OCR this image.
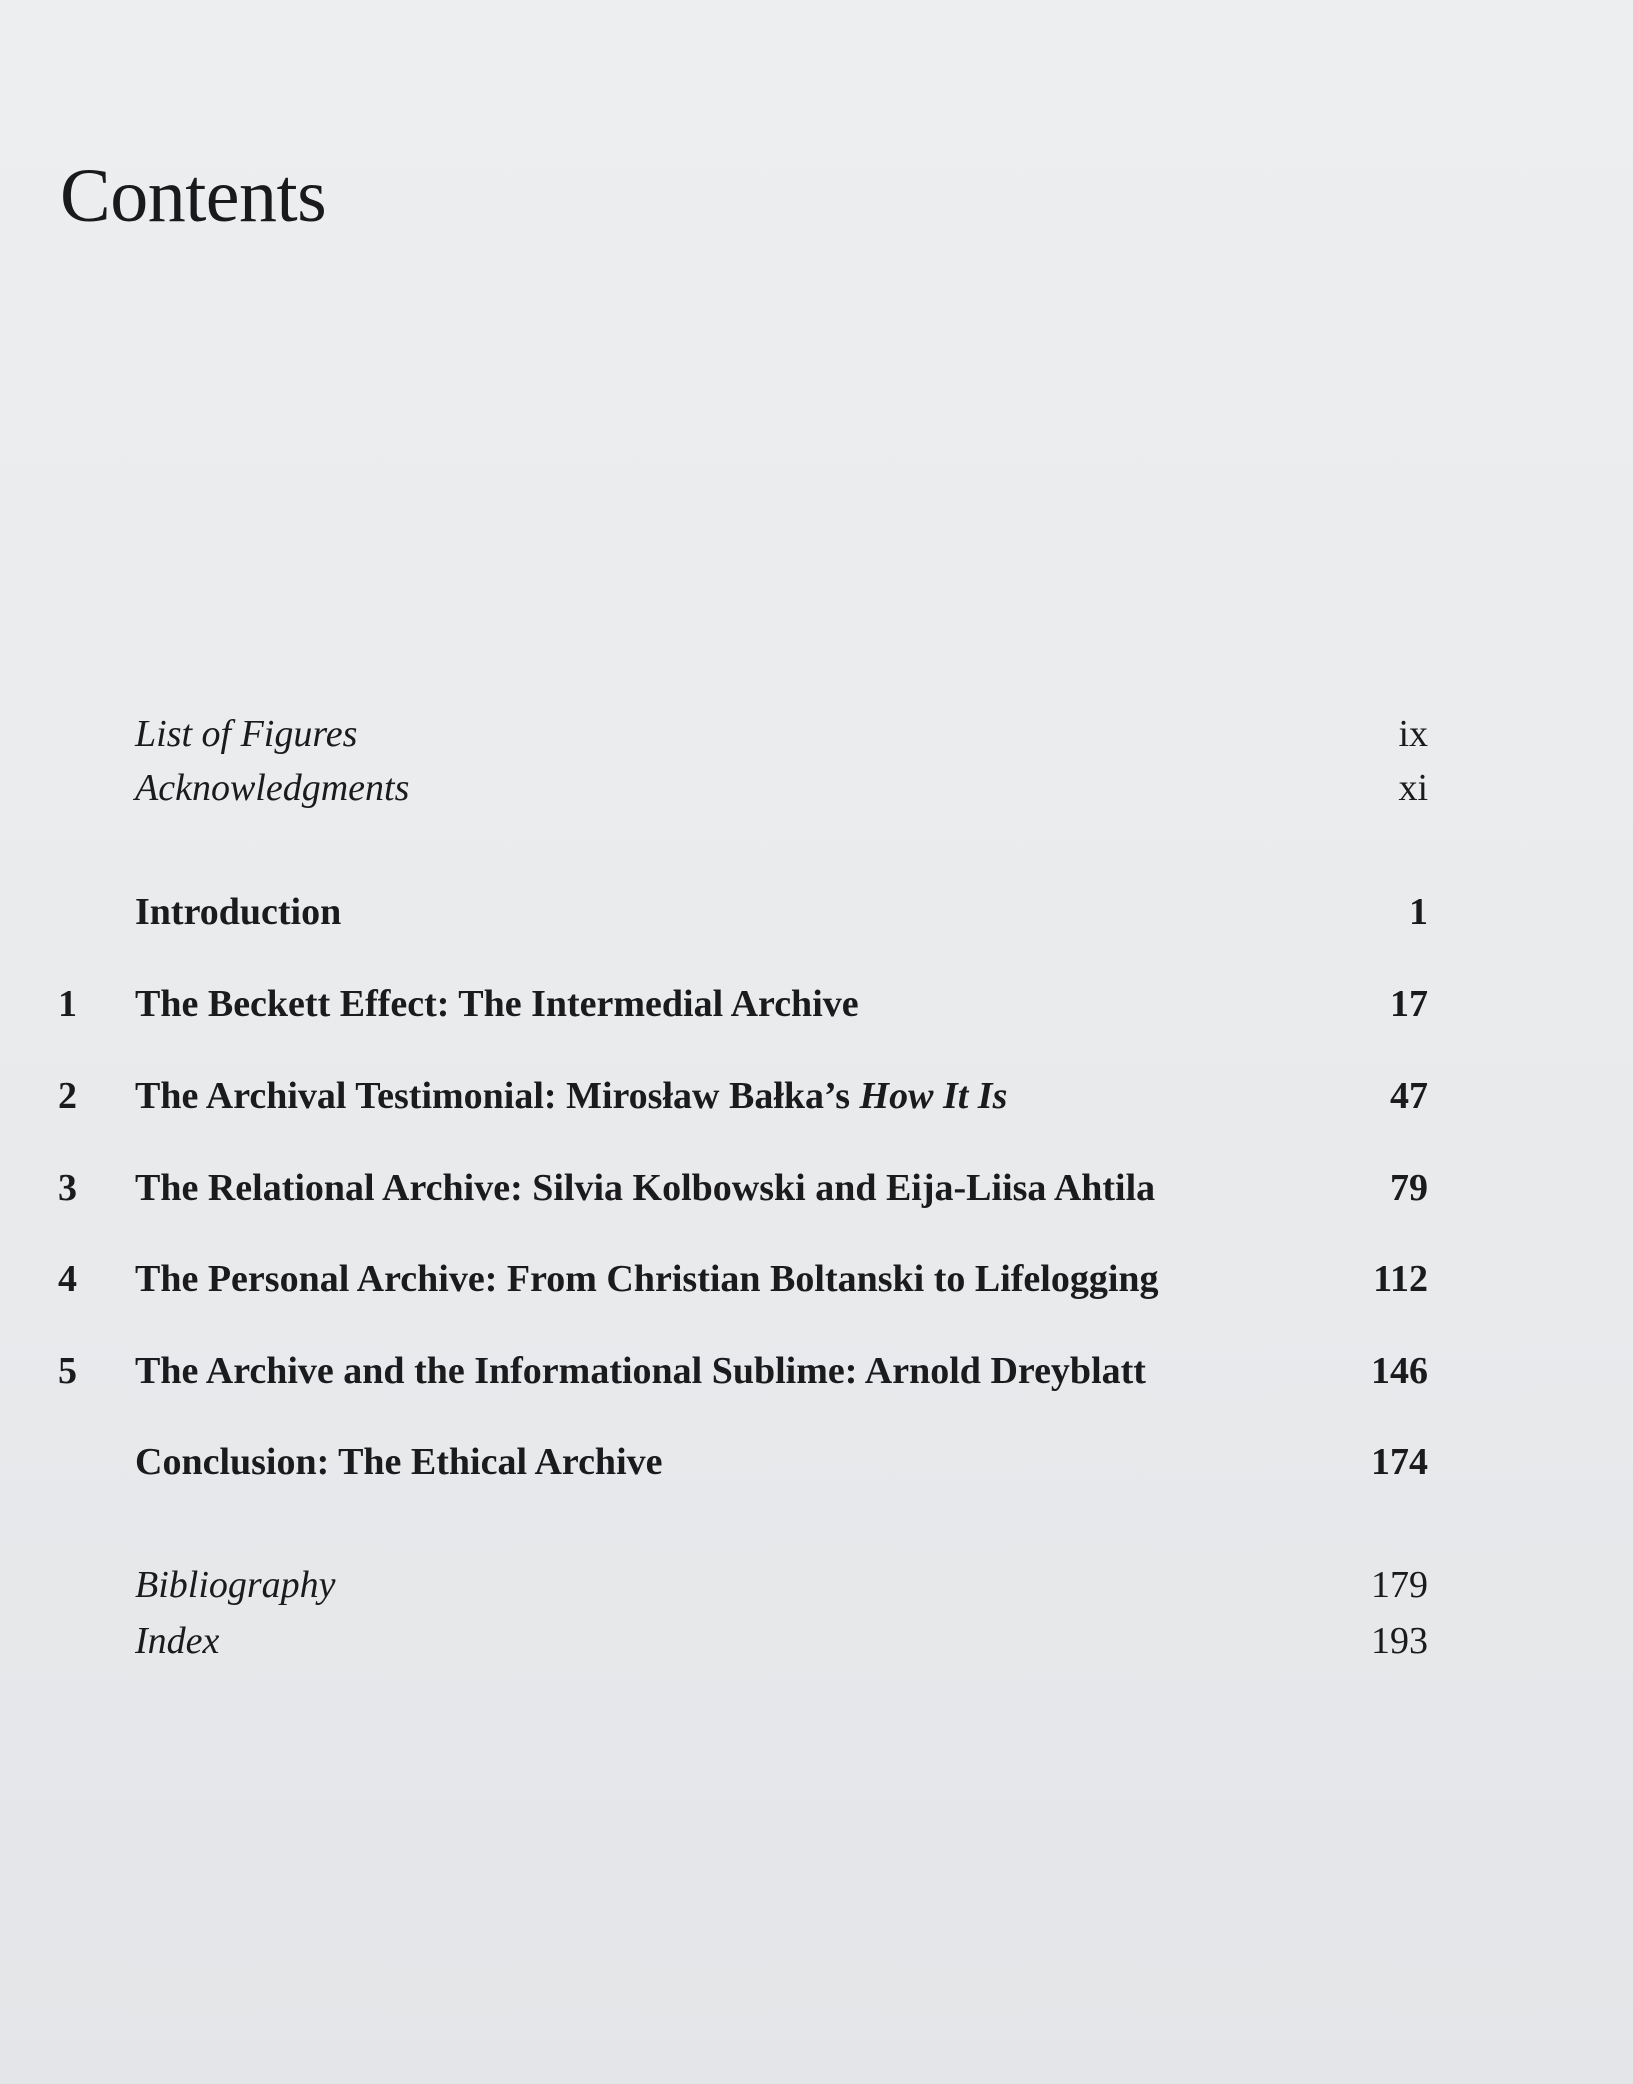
Contents
List of Figures	ix
Acknowledgments	xi
Introduction	1
1 The Beckett Effect: The Intermedial Archive	17
2 The Archival Testimonial: Mirosław Bałka’s How It Is	47
3 The Relational Archive: Silvia Kolbowski and Eija-Liisa Ahtila	79
4 The Personal Archive: From Christian Boltanski to Lifelogging	112
5 The Archive and the Informational Sublime: Arnold Dreyblatt	146
Conclusion: The Ethical Archive	174
Bibliography	179
Index	193
